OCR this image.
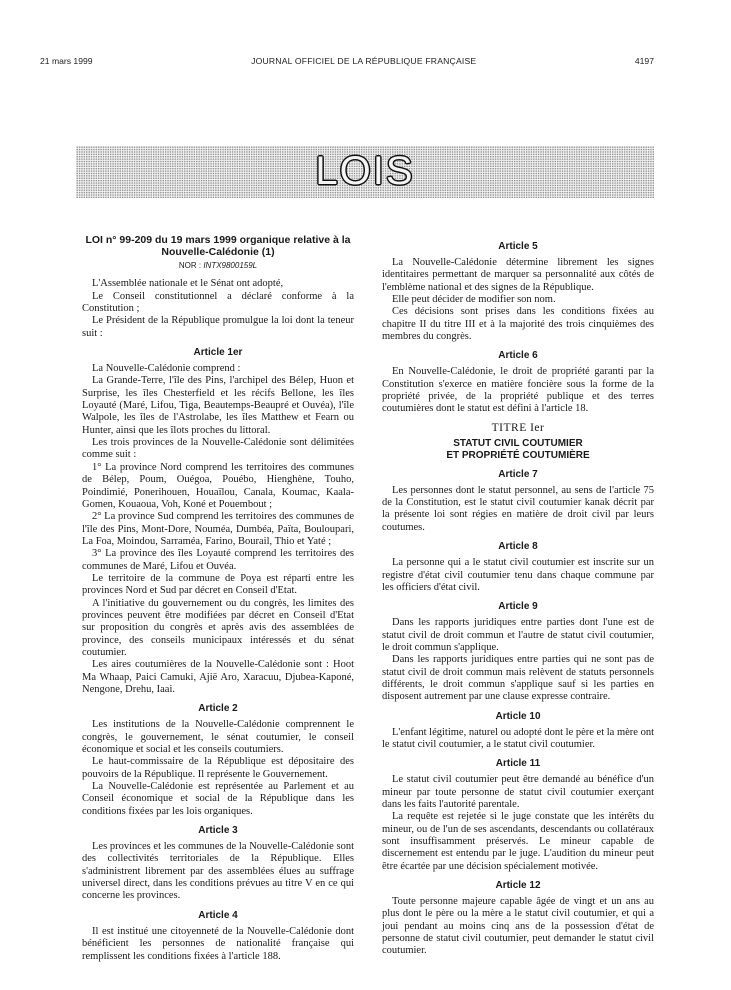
21 mars 1999	JOURNAL OFFICIEL DE LA RÉPUBLIQUE FRANÇAISE	4197
LOIS
LOI n° 99-209 du 19 mars 1999 organique relative à la Nouvelle-Calédonie (1)
NOR : INTX9800159L

L'Assemblée nationale et le Sénat ont adopté,

Le Conseil constitutionnel a déclaré conforme à la Constitution ;

Le Président de la République promulgue la loi dont la teneur suit :

Article 1er

La Nouvelle-Calédonie comprend :

La Grande-Terre, l'île des Pins, l'archipel des Bélep, Huon et Surprise, les îles Chesterfield et les récifs Bellone, les îles Loyauté (Maré, Lifou, Tiga, Beautemps-Beaupré et Ouvéa), l'île Walpole, les îles de l'Astrolabe, les îles Matthew et Fearn ou Hunter, ainsi que les îlots proches du littoral.

Les trois provinces de la Nouvelle-Calédonie sont délimitées comme suit :

1° La province Nord comprend les territoires des communes de Bélep, Poum, Ouégoa, Pouébo, Hienghène, Touho, Poindimié, Ponerihouen, Houaïlou, Canala, Koumac, Kaala-Gomen, Kouaoua, Voh, Koné et Pouembout ;

2° La province Sud comprend les territoires des communes de l'île des Pins, Mont-Dore, Nouméa, Dumbéa, Païta, Bouloupari, La Foa, Moindou, Sarraméa, Farino, Bourail, Thio et Yaté ;

3° La province des îles Loyauté comprend les territoires des communes de Maré, Lifou et Ouvéa.

Le territoire de la commune de Poya est réparti entre les provinces Nord et Sud par décret en Conseil d'Etat.

A l'initiative du gouvernement ou du congrès, les limites des provinces peuvent être modifiées par décret en Conseil d'Etat sur proposition du congrès et après avis des assemblées de province, des conseils municipaux intéressés et du sénat coutumier.

Les aires coutumières de la Nouvelle-Calédonie sont : Hoot Ma Whaap, Paici Camuki, Ajië Aro, Xaracuu, Djubea-Kaponé, Nengone, Drehu, Iaai.

Article 2

Les institutions de la Nouvelle-Calédonie comprennent le congrès, le gouvernement, le sénat coutumier, le conseil économique et social et les conseils coutumiers.

Le haut-commissaire de la République est dépositaire des pouvoirs de la République. Il représente le Gouvernement.

La Nouvelle-Calédonie est représentée au Parlement et au Conseil économique et social de la République dans les conditions fixées par les lois organiques.

Article 3

Les provinces et les communes de la Nouvelle-Calédonie sont des collectivités territoriales de la République. Elles s'administrent librement par des assemblées élues au suffrage universel direct, dans les conditions prévues au titre V en ce qui concerne les provinces.

Article 4

Il est institué une citoyenneté de la Nouvelle-Calédonie dont bénéficient les personnes de nationalité française qui remplissent les conditions fixées à l'article 188.

Article 5

La Nouvelle-Calédonie détermine librement les signes identitaires permettant de marquer sa personnalité aux côtés de l'emblème national et des signes de la République.

Elle peut décider de modifier son nom.

Ces décisions sont prises dans les conditions fixées au chapitre II du titre III et à la majorité des trois cinquièmes des membres du congrès.

Article 6

En Nouvelle-Calédonie, le droit de propriété garanti par la Constitution s'exerce en matière foncière sous la forme de la propriété privée, de la propriété publique et des terres coutumières dont le statut est défini à l'article 18.

TITRE Ier
STATUT CIVIL COUTUMIER
ET PROPRIÉTÉ COUTUMIÈRE
Article 7

Les personnes dont le statut personnel, au sens de l'article 75 de la Constitution, est le statut civil coutumier kanak décrit par la présente loi sont régies en matière de droit civil par leurs coutumes.

Article 8

La personne qui a le statut civil coutumier est inscrite sur un registre d'état civil coutumier tenu dans chaque commune par les officiers d'état civil.

Article 9

Dans les rapports juridiques entre parties dont l'une est de statut civil de droit commun et l'autre de statut civil coutumier, le droit commun s'applique.

Dans les rapports juridiques entre parties qui ne sont pas de statut civil de droit commun mais relèvent de statuts personnels différents, le droit commun s'applique sauf si les parties en disposent autrement par une clause expresse contraire.

Article 10

L'enfant légitime, naturel ou adopté dont le père et la mère ont le statut civil coutumier, a le statut civil coutumier.

Article 11

Le statut civil coutumier peut être demandé au bénéfice d'un mineur par toute personne de statut civil coutumier exerçant dans les faits l'autorité parentale.

La requête est rejetée si le juge constate que les intérêts du mineur, ou de l'un de ses ascendants, descendants ou collatéraux sont insuffisamment préservés. Le mineur capable de discernement est entendu par le juge. L'audition du mineur peut être écartée par une décision spécialement motivée.

Article 12

Toute personne majeure capable âgée de vingt et un ans au plus dont le père ou la mère a le statut civil coutumier, et qui a joui pendant au moins cinq ans de la possession d'état de personne de statut civil coutumier, peut demander le statut civil coutumier.
